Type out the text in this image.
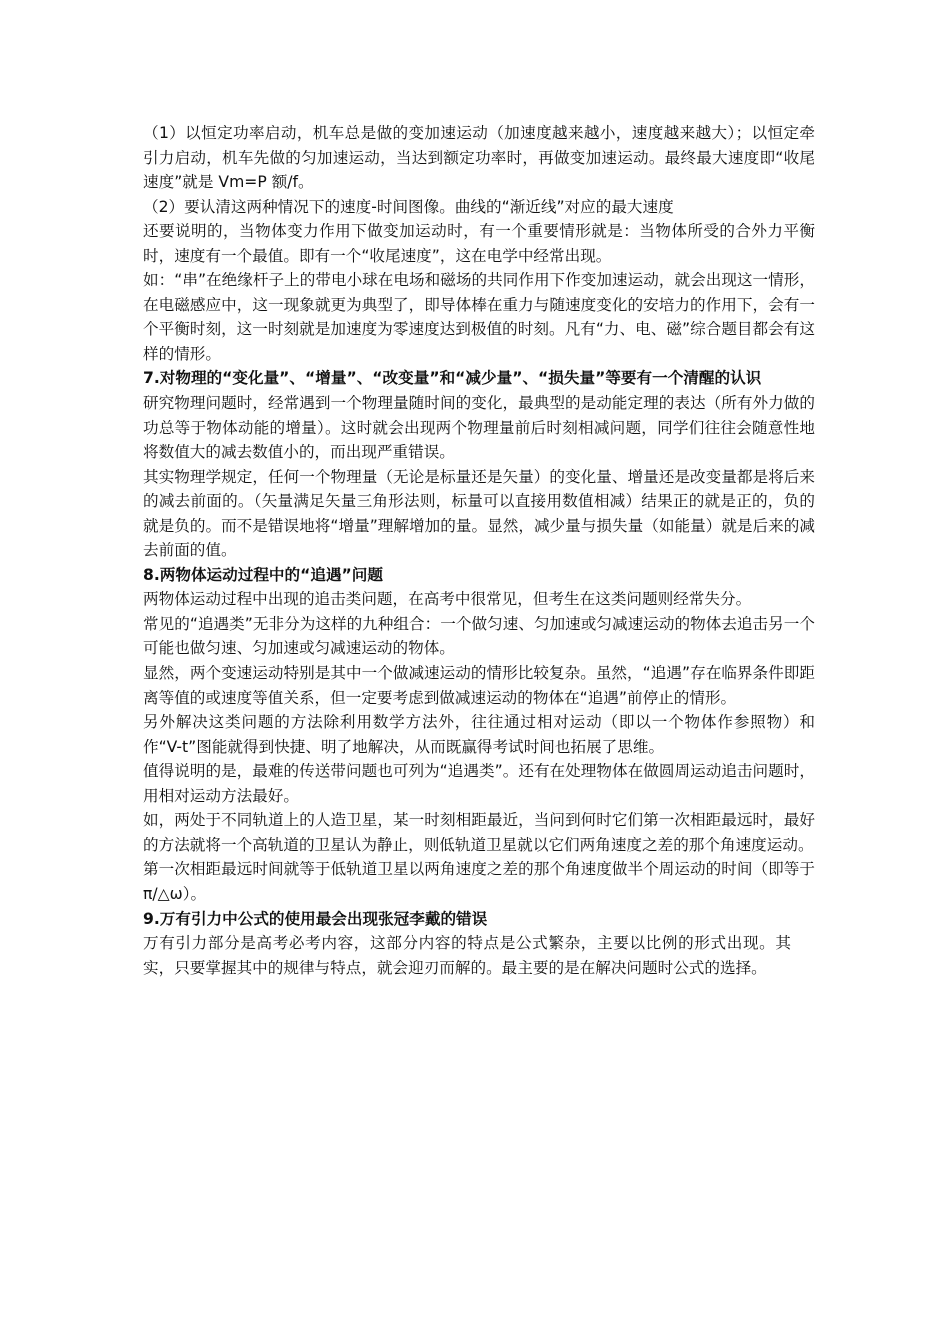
（1）以恒定功率启动，机车总是做的变加速运动（加速度越来越小，速度越来越大）；以恒定牵引力启动，机车先做的匀加速运动，当达到额定功率时，再做变加速运动。最终最大速度即“收尾速度”就是 Vm=P 额/f。

（2）要认清这两种情况下的速度-时间图像。曲线的“渐近线”对应的最大速度

还要说明的，当物体变力作用下做变加运动时，有一个重要情形就是：当物体所受的合外力平衡时，速度有一个最值。即有一个“收尾速度”，这在电学中经常出现。

如：“串”在绝缘杆子上的带电小球在电场和磁场的共同作用下作变加速运动，就会出现这一情形，在电磁感应中，这一现象就更为典型了，即导体棒在重力与随速度变化的安培力的作用下，会有一个平衡时刻，这一时刻就是加速度为零速度达到极值的时刻。凡有“力、电、磁”综合题目都会有这样的情形。

7.对物理的“变化量”、“增量”、“改变量”和“减少量”、“损失量”等要有一个清醒的认识

研究物理问题时，经常遇到一个物理量随时间的变化，最典型的是动能定理的表达（所有外力做的功总等于物体动能的增量）。这时就会出现两个物理量前后时刻相减问题，同学们往往会随意性地将数值大的减去数值小的，而出现严重错误。

其实物理学规定，任何一个物理量（无论是标量还是矢量）的变化量、增量还是改变量都是将后来的减去前面的。（矢量满足矢量三角形法则，标量可以直接用数值相减）结果正的就是正的，负的就是负的。而不是错误地将“增量”理解增加的量。显然，减少量与损失量（如能量）就是后来的减去前面的值。

8.两物体运动过程中的“追遇”问题

两物体运动过程中出现的追击类问题，在高考中很常见，但考生在这类问题则经常失分。

常见的“追遇类”无非分为这样的九种组合：一个做匀速、匀加速或匀减速运动的物体去追击另一个可能也做匀速、匀加速或匀减速运动的物体。

显然，两个变速运动特别是其中一个做减速运动的情形比较复杂。虽然，“追遇”存在临界条件即距离等值的或速度等值关系，但一定要考虑到做减速运动的物体在“追遇”前停止的情形。

另外解决这类问题的方法除利用数学方法外，往往通过相对运动（即以一个物体作参照物）和作“V-t”图能就得到快捷、明了地解决，从而既赢得考试时间也拓展了思维。

值得说明的是，最难的传送带问题也可列为“追遇类”。还有在处理物体在做圆周运动追击问题时，用相对运动方法最好。

如，两处于不同轨道上的人造卫星，某一时刻相距最近，当问到何时它们第一次相距最远时，最好的方法就将一个高轨道的卫星认为静止，则低轨道卫星就以它们两角速度之差的那个角速度运动。

第一次相距最远时间就等于低轨道卫星以两角速度之差的那个角速度做半个周运动的时间（即等于 π/△ω）。

9.万有引力中公式的使用最会出现张冠李戴的错误

万有引力部分是高考必考内容，这部分内容的特点是公式繁杂，主要以比例的形式出现。其实，只要掌握其中的规律与特点，就会迎刃而解的。最主要的是在解决问题时公式的选择。
